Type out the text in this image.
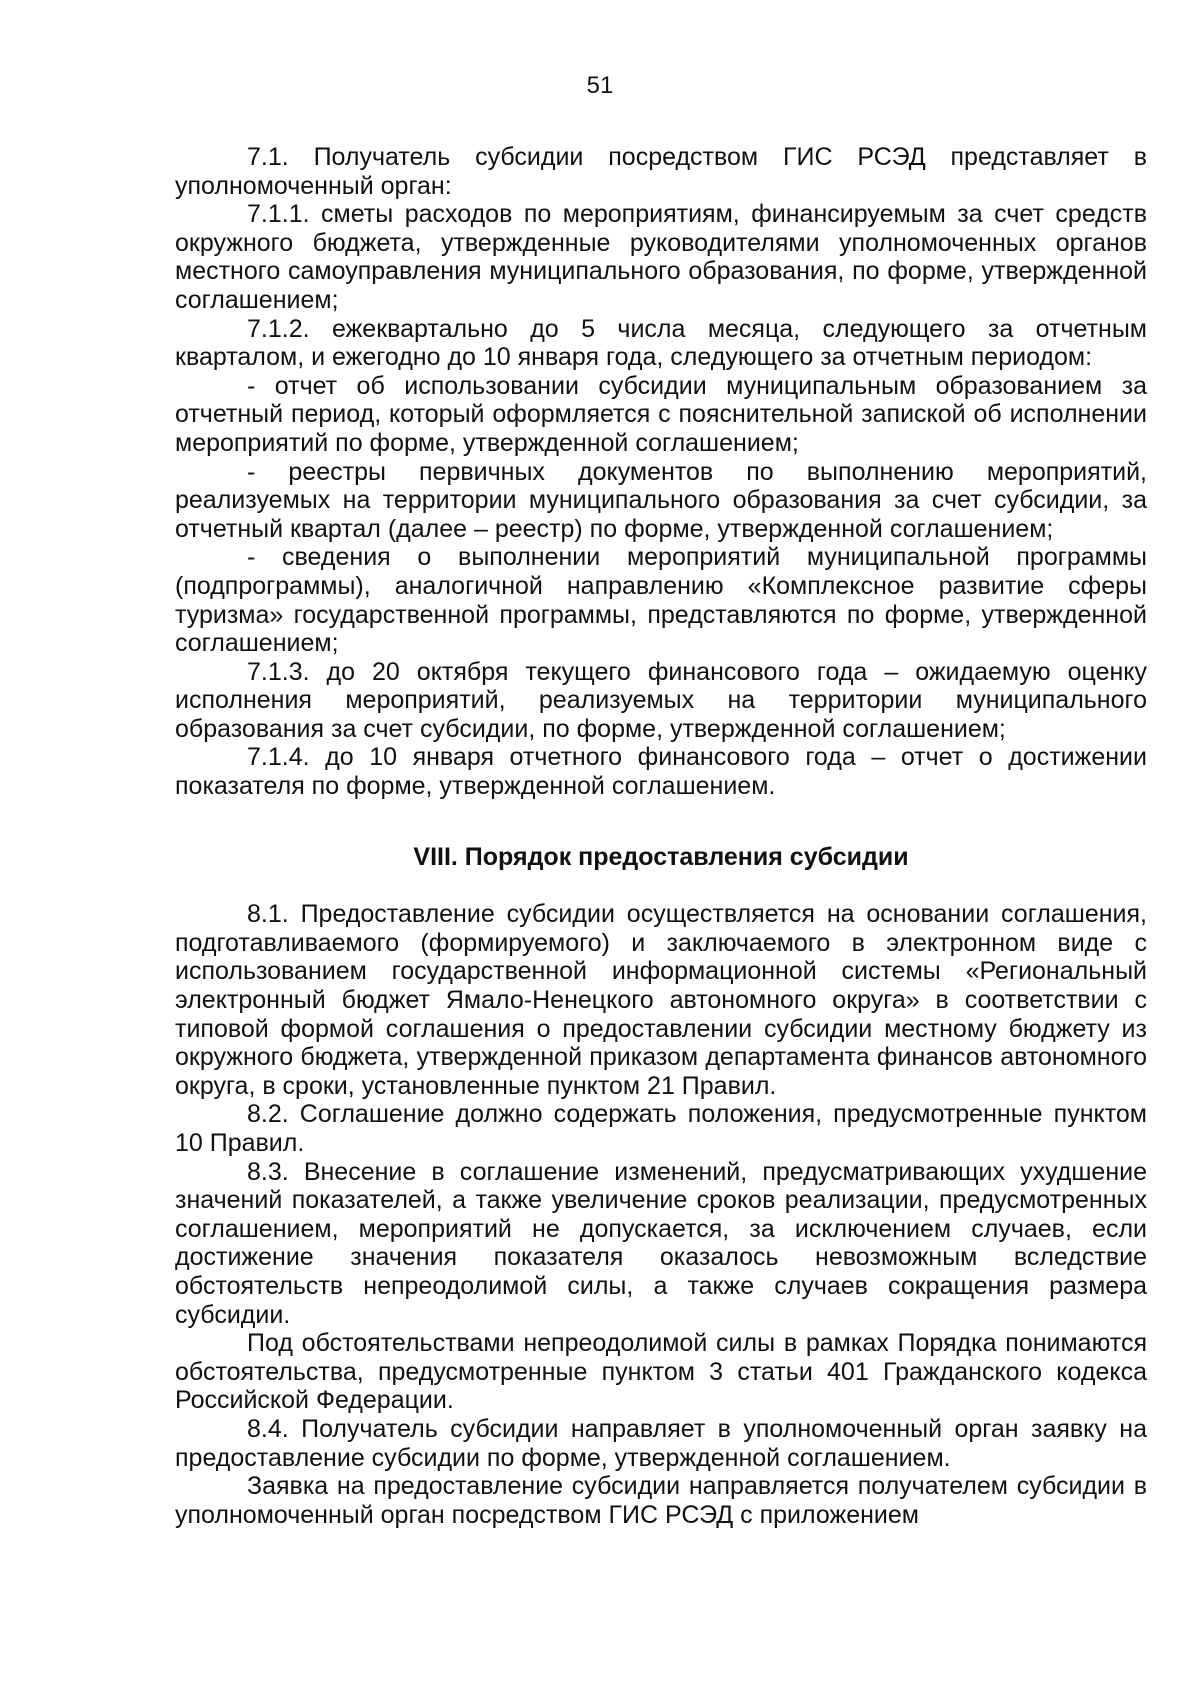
51

7.1. Получатель субсидии посредством ГИС РСЭД представляет в уполномоченный орган:

7.1.1. сметы расходов по мероприятиям, финансируемым за счет средств окружного бюджета, утвержденные руководителями уполномоченных органов местного самоуправления муниципального образования, по форме, утвержденной соглашением;

7.1.2. ежеквартально до 5 числа месяца, следующего за отчетным кварталом, и ежегодно до 10 января года, следующего за отчетным периодом:

- отчет об использовании субсидии муниципальным образованием за отчетный период, который оформляется с пояснительной запиской об исполнении мероприятий по форме, утвержденной соглашением;

- реестры первичных документов по выполнению мероприятий, реализуемых на территории муниципального образования за счет субсидии, за отчетный квартал (далее – реестр) по форме, утвержденной соглашением;

- сведения о выполнении мероприятий муниципальной программы (подпрограммы), аналогичной направлению «Комплексное развитие сферы туризма» государственной программы, представляются по форме, утвержденной соглашением;

7.1.3. до 20 октября текущего финансового года – ожидаемую оценку исполнения мероприятий, реализуемых на территории муниципального образования за счет субсидии, по форме, утвержденной соглашением;

7.1.4. до 10 января отчетного финансового года – отчет о достижении показателя по форме, утвержденной соглашением.

VIII. Порядок предоставления субсидии

8.1. Предоставление субсидии осуществляется на основании соглашения, подготавливаемого (формируемого) и заключаемого в электронном виде с использованием государственной информационной системы «Региональный электронный бюджет Ямало-Ненецкого автономного округа» в соответствии с типовой формой соглашения о предоставлении субсидии местному бюджету из окружного бюджета, утвержденной приказом департамента финансов автономного округа, в сроки, установленные пунктом 21 Правил.

8.2. Соглашение должно содержать положения, предусмотренные пунктом 10 Правил.

8.3. Внесение в соглашение изменений, предусматривающих ухудшение значений показателей, а также увеличение сроков реализации, предусмотренных соглашением, мероприятий не допускается, за исключением случаев, если достижение значения показателя оказалось невозможным вследствие обстоятельств непреодолимой силы, а также случаев сокращения размера субсидии.

Под обстоятельствами непреодолимой силы в рамках Порядка понимаются обстоятельства, предусмотренные пунктом 3 статьи 401 Гражданского кодекса Российской Федерации.

8.4. Получатель субсидии направляет в уполномоченный орган заявку на предоставление субсидии по форме, утвержденной соглашением.

Заявка на предоставление субсидии направляется получателем субсидии в уполномоченный орган посредством ГИС РСЭД с приложением
